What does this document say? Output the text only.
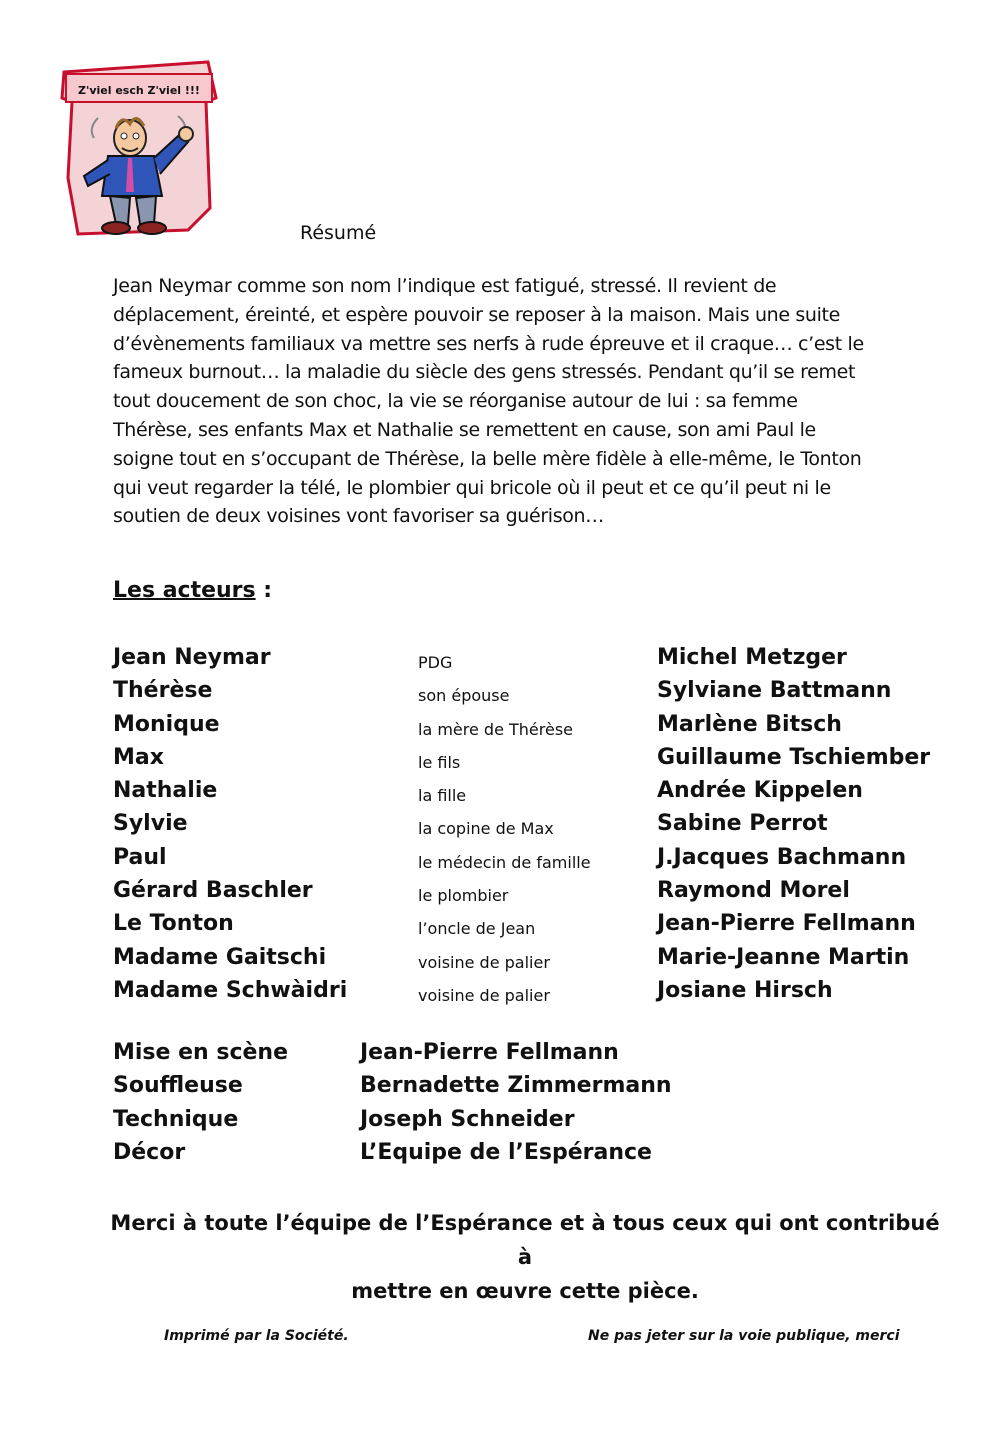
Z'viel esch Z'viel !!!
Résumé
Jean Neymar comme son nom l’indique est fatigué, stressé. Il revient de
déplacement, éreinté, et espère pouvoir se reposer à la maison. Mais une suite
d’évènements familiaux va mettre ses nerfs à rude épreuve et il craque… c’est le
fameux burnout… la maladie du siècle des gens stressés. Pendant qu’il se remet
tout doucement de son choc, la vie se réorganise autour de lui : sa femme
Thérèse, ses enfants Max et Nathalie se remettent en cause, son ami Paul le
soigne tout en s’occupant de Thérèse, la belle mère fidèle à elle-même, le Tonton
qui veut regarder la télé, le plombier qui bricole où il peut et ce qu’il peut ni le
soutien de deux voisines vont favoriser sa guérison…
Les acteurs :
Jean Neymar	PDG	Michel Metzger
Thérèse	son épouse	Sylviane Battmann
Monique	la mère de Thérèse	Marlène Bitsch
Max	le fils	Guillaume Tschiember
Nathalie	la fille	Andrée Kippelen
Sylvie	la copine de Max	Sabine Perrot
Paul	le médecin de famille	J.Jacques Bachmann
Gérard Baschler	le plombier	Raymond Morel
Le Tonton	l’oncle de Jean	Jean-Pierre Fellmann
Madame Gaitschi	voisine de palier	Marie-Jeanne Martin
Madame Schwàidri	voisine de palier	Josiane Hirsch
Mise en scène	Jean-Pierre Fellmann
Souffleuse	Bernadette Zimmermann
Technique	Joseph Schneider
Décor	L’Equipe de l’Espérance
Merci à toute l’équipe de l’Espérance et à tous ceux qui ont contribué à
mettre en œuvre cette pièce.
Imprimé par la Société.	Ne pas jeter sur la voie publique, merci
